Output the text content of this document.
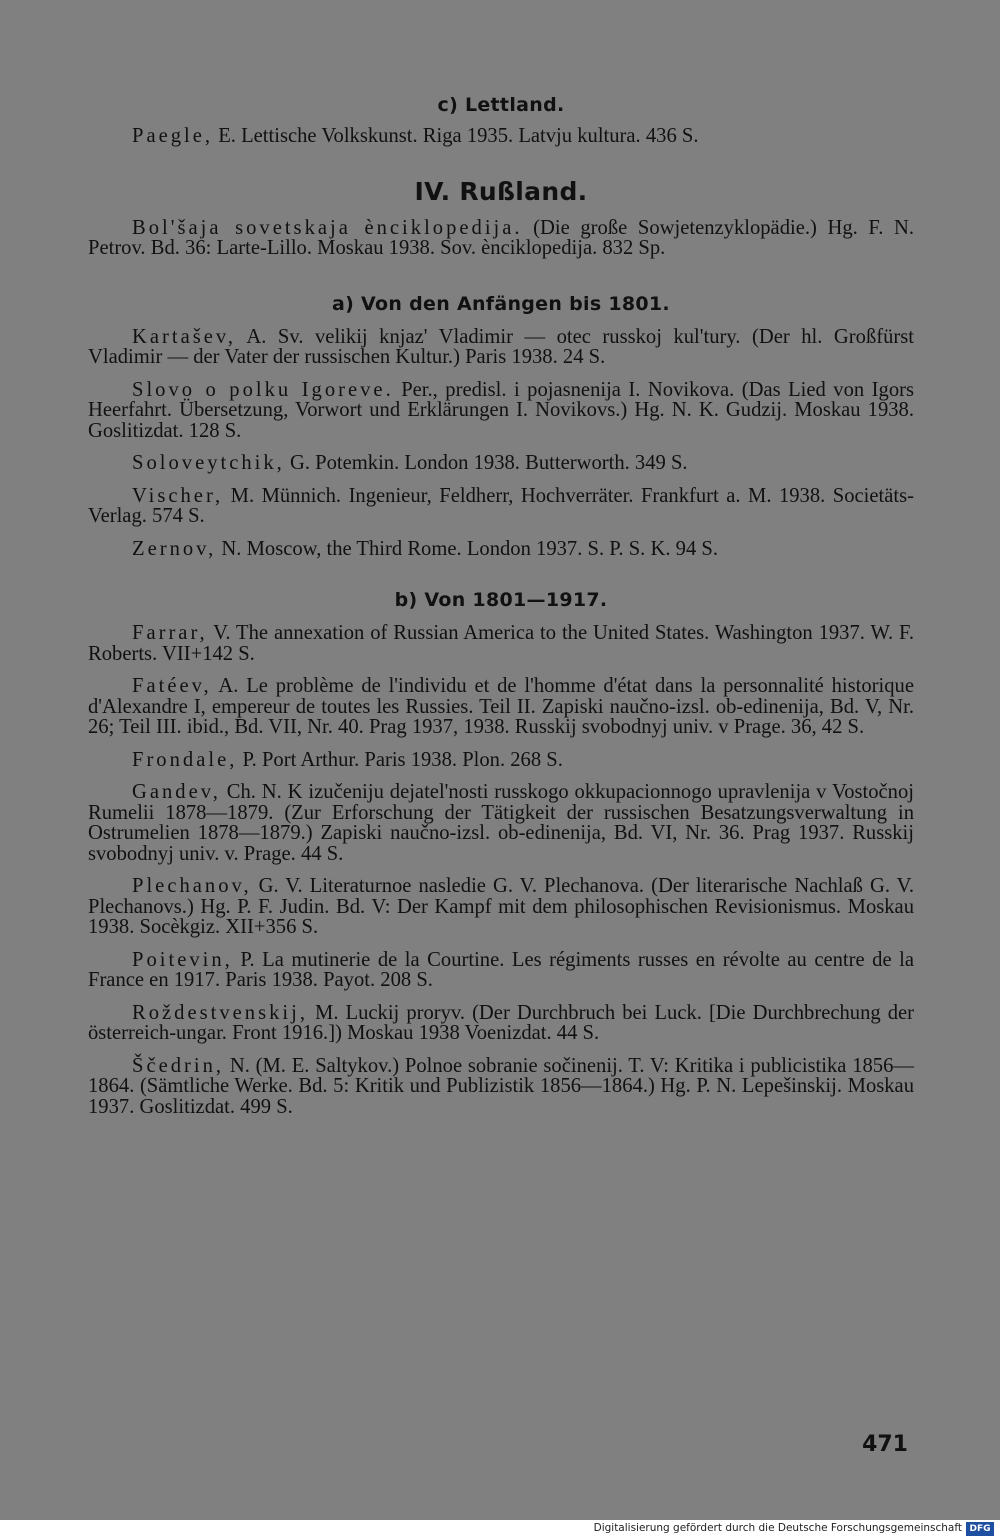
c) Lettland.

Paegle, E. Lettische Volkskunst. Riga 1935. Latvju kultura. 436 S.

IV. Rußland.

Bol'šaja sovetskaja ènciklopedija. (Die große Sowjetenzyklopädie.) Hg. F. N. Petrov. Bd. 36: Larte-Lillo. Moskau 1938. Sov. ènciklopedija. 832 Sp.

a) Von den Anfängen bis 1801.

Kartašev, A. Sv. velikij knjaz' Vladimir — otec russkoj kul'tury. (Der hl. Großfürst Vladimir — der Vater der russischen Kultur.) Paris 1938. 24 S.

Slovo o polku Igoreve. Per., predisl. i pojasnenija I. Novikova. (Das Lied von Igors Heerfahrt. Übersetzung, Vorwort und Erklärungen I. Novikovs.) Hg. N. K. Gudzij. Moskau 1938. Goslitizdat. 128 S.

Soloveytchik, G. Potemkin. London 1938. Butterworth. 349 S.

Vischer, M. Münnich. Ingenieur, Feldherr, Hochverräter. Frankfurt a. M. 1938. Societäts-Verlag. 574 S.

Zernov, N. Moscow, the Third Rome. London 1937. S. P. S. K. 94 S.

b) Von 1801—1917.

Farrar, V. The annexation of Russian America to the United States. Washington 1937. W. F. Roberts. VII+142 S.

Fatéev, A. Le problème de l'individu et de l'homme d'état dans la personnalité historique d'Alexandre I, empereur de toutes les Russies. Teil II. Zapiski naučno-izsl. ob-edinenija, Bd. V, Nr. 26; Teil III. ibid., Bd. VII, Nr. 40. Prag 1937, 1938. Russkij svobodnyj univ. v Prage. 36, 42 S.

Frondale, P. Port Arthur. Paris 1938. Plon. 268 S.

Gandev, Ch. N. K izučeniju dejatel'nosti russkogo okkupacionnogo upravlenija v Vostočnoj Rumelii 1878—1879. (Zur Erforschung der Tätigkeit der russischen Besatzungsverwaltung in Ostrumelien 1878—1879.) Zapiski naučno-izsl. ob-edinenija, Bd. VI, Nr. 36. Prag 1937. Russkij svobodnyj univ. v. Prage. 44 S.

Plechanov, G. V. Literaturnoe nasledie G. V. Plechanova. (Der literarische Nachlaß G. V. Plechanovs.) Hg. P. F. Judin. Bd. V: Der Kampf mit dem philosophischen Revisionismus. Moskau 1938. Socèkgiz. XII+356 S.

Poitevin, P. La mutinerie de la Courtine. Les régiments russes en révolte au centre de la France en 1917. Paris 1938. Payot. 208 S.

Roždestvenskij, M. Luckij proryv. (Der Durchbruch bei Luck. [Die Durchbrechung der österreich-ungar. Front 1916.]) Moskau 1938 Voenizdat. 44 S.

Ščedrin, N. (M. E. Saltykov.) Polnoe sobranie sočinenij. T. V: Kritika i publicistika 1856—1864. (Sämtliche Werke. Bd. 5: Kritik und Publizistik 1856—1864.) Hg. P. N. Lepešinskij. Moskau 1937. Goslitizdat. 499 S.

471
Digitalisierung gefördert durch die Deutsche Forschungsgemeinschaft DFG
